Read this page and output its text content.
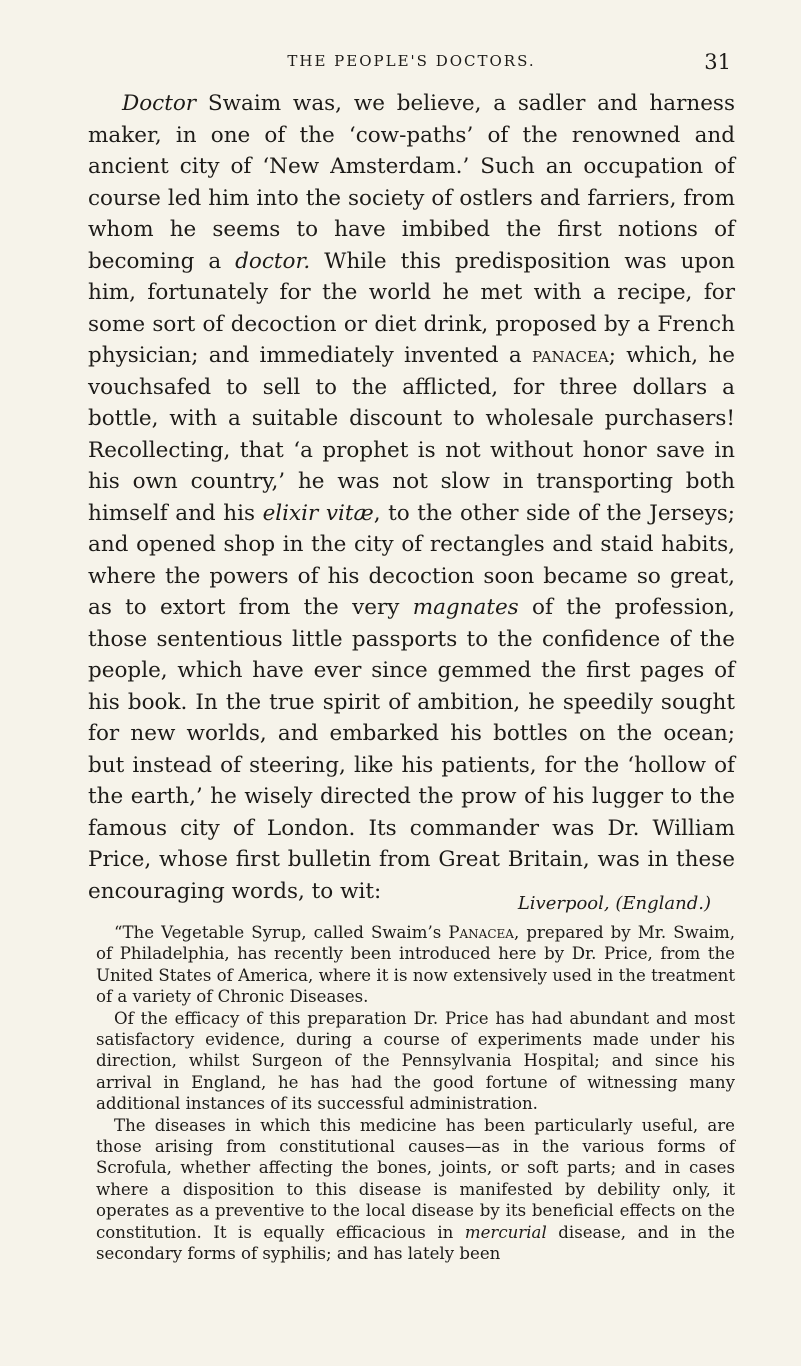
THE PEOPLE'S DOCTORS.	31

Doctor Swaim was, we believe, a sadler and harness maker, in one of the ‘cow-paths’ of the renowned and ancient city of ‘New Amsterdam.’ Such an occupation of course led him into the society of ostlers and farriers, from whom he seems to have imbibed the first notions of becoming a doctor. While this predisposition was upon him, fortunately for the world he met with a recipe, for some sort of decoction or diet drink, proposed by a French physician; and immediately invented a panacea; which, he vouchsafed to sell to the afflicted, for three dollars a bottle, with a suitable discount to wholesale purchasers! Recollecting, that ‘a prophet is not without honor save in his own country,’ he was not slow in transporting both himself and his elixir vitæ, to the other side of the Jerseys; and opened shop in the city of rectangles and staid habits, where the powers of his decoction soon became so great, as to extort from the very magnates of the profession, those sententious little passports to the confidence of the people, which have ever since gemmed the first pages of his book. In the true spirit of ambition, he speedily sought for new worlds, and embarked his bottles on the ocean; but instead of steering, like his patients, for the ‘hollow of the earth,’ he wisely directed the prow of his lugger to the famous city of London. Its commander was Dr. William Price, whose first bulletin from Great Britain, was in these encouraging words, to wit:	Liverpool, (England.)

“The Vegetable Syrup, called Swaim’s Panacea, prepared by Mr. Swaim, of Philadelphia, has recently been introduced here by Dr. Price, from the United States of America, where it is now extensively used in the treatment of a variety of Chronic Diseases.

Of the efficacy of this preparation Dr. Price has had abundant and most satisfactory evidence, during a course of experiments made under his direction, whilst Surgeon of the Pennsylvania Hospital; and since his arrival in England, he has had the good fortune of witnessing many additional instances of its successful administration.

The diseases in which this medicine has been particularly useful, are those arising from constitutional causes—as in the various forms of Scrofula, whether affecting the bones, joints, or soft parts; and in cases where a disposition to this disease is manifested by debility only, it operates as a preventive to the local disease by its beneficial effects on the constitution. It is equally efficacious in mercurial disease, and in the secondary forms of syphilis; and has lately been
